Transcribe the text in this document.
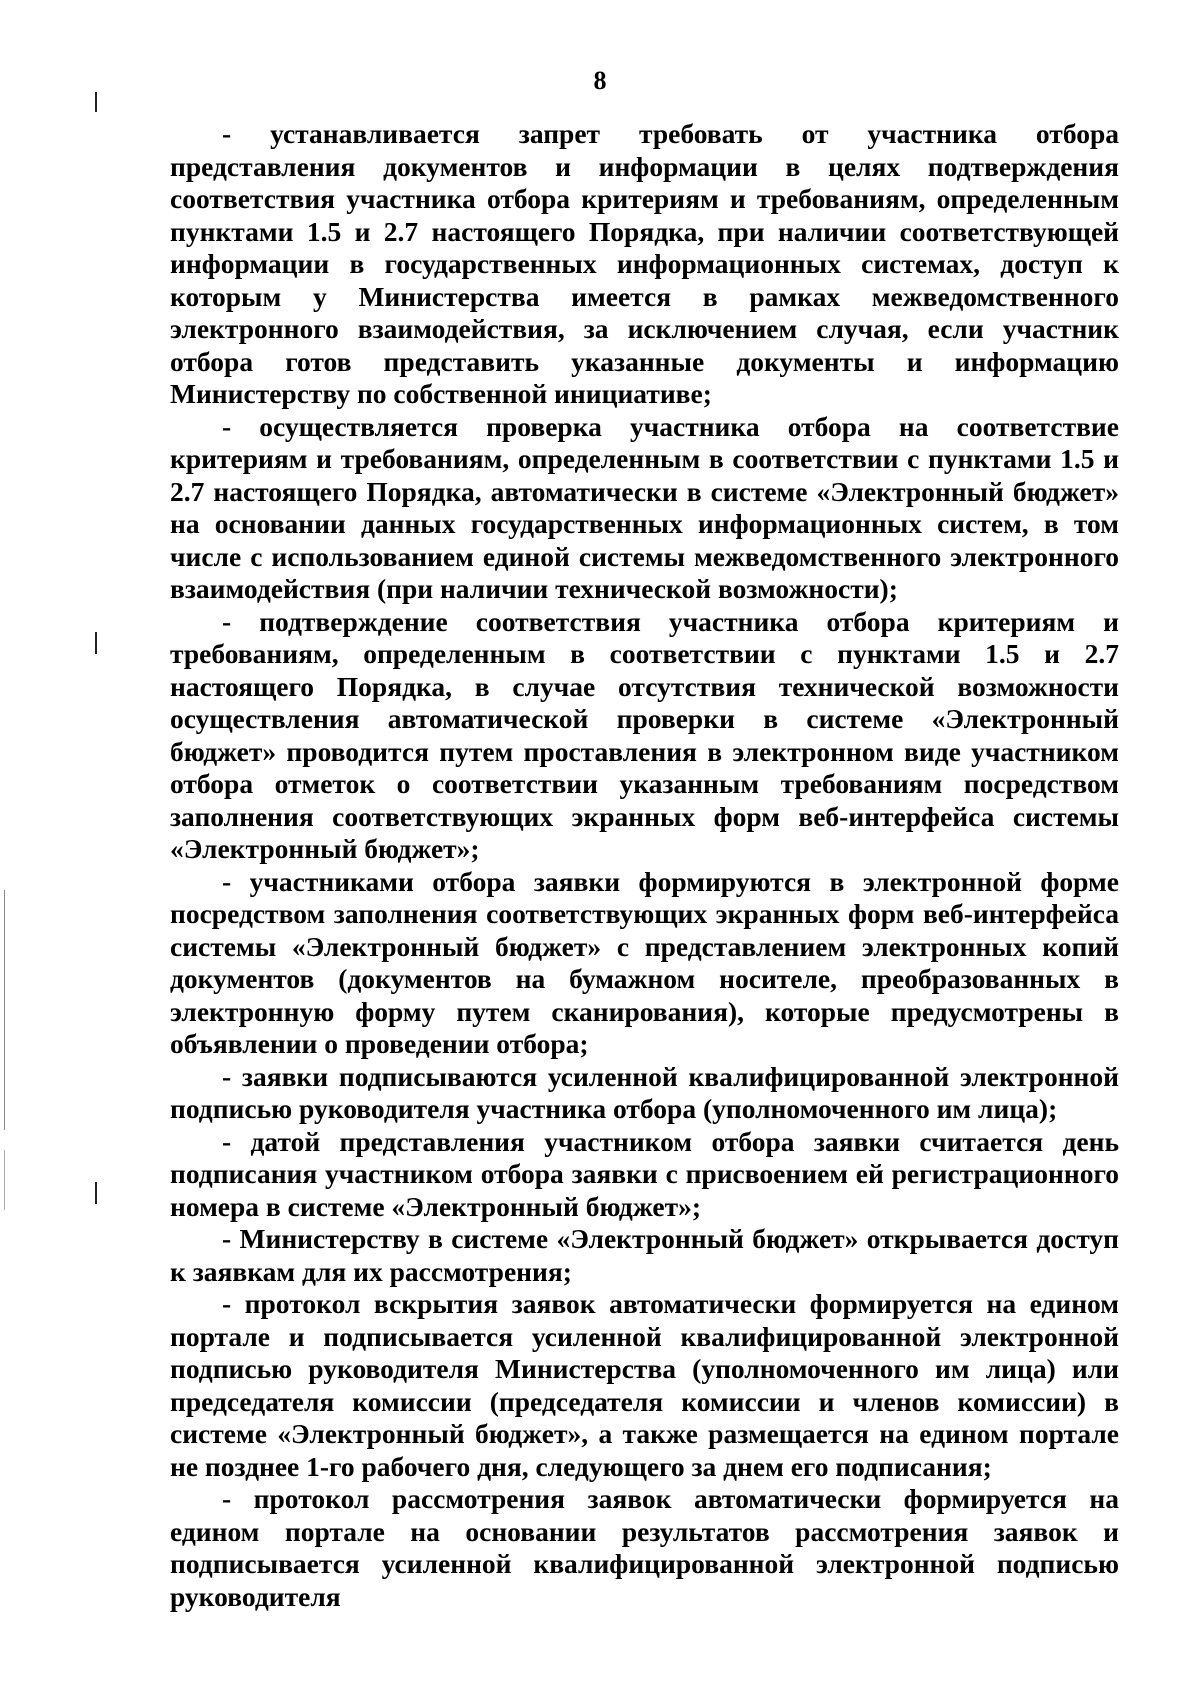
8

- устанавливается запрет требовать от участника отбора представления документов и информации в целях подтверждения соответствия участника отбора критериям и требованиям, определенным пунктами 1.5 и 2.7 настоящего Порядка, при наличии соответствующей информации в государственных информационных системах, доступ к которым у Министерства имеется в рамках межведомственного электронного взаимодействия, за исключением случая, если участник отбора готов представить указанные документы и информацию Министерству по собственной инициативе;

- осуществляется проверка участника отбора на соответствие критериям и требованиям, определенным в соответствии с пунктами 1.5 и 2.7 настоящего Порядка, автоматически в системе «Электронный бюджет» на основании данных государственных информационных систем, в том числе с использованием единой системы межведомственного электронного взаимодействия (при наличии технической возможности);

- подтверждение соответствия участника отбора критериям и требованиям, определенным в соответствии с пунктами 1.5 и 2.7 настоящего Порядка, в случае отсутствия технической возможности осуществления автоматической проверки в системе «Электронный бюджет» проводится путем проставления в электронном виде участником отбора отметок о соответствии указанным требованиям посредством заполнения соответствующих экранных форм веб-интерфейса системы «Электронный бюджет»;

- участниками отбора заявки формируются в электронной форме посредством заполнения соответствующих экранных форм веб-интерфейса системы «Электронный бюджет» с представлением электронных копий документов (документов на бумажном носителе, преобразованных в электронную форму путем сканирования), которые предусмотрены в объявлении о проведении отбора;

- заявки подписываются усиленной квалифицированной электронной подписью руководителя участника отбора (уполномоченного им лица);

- датой представления участником отбора заявки считается день подписания участником отбора заявки с присвоением ей регистрационного номера в системе «Электронный бюджет»;

- Министерству в системе «Электронный бюджет» открывается доступ к заявкам для их рассмотрения;

- протокол вскрытия заявок автоматически формируется на едином портале и подписывается усиленной квалифицированной электронной подписью руководителя Министерства (уполномоченного им лица) или председателя комиссии (председателя комиссии и членов комиссии) в системе «Электронный бюджет», а также размещается на едином портале не позднее 1-го рабочего дня, следующего за днем его подписания;

- протокол рассмотрения заявок автоматически формируется на едином портале на основании результатов рассмотрения заявок и подписывается усиленной квалифицированной электронной подписью руководителя
